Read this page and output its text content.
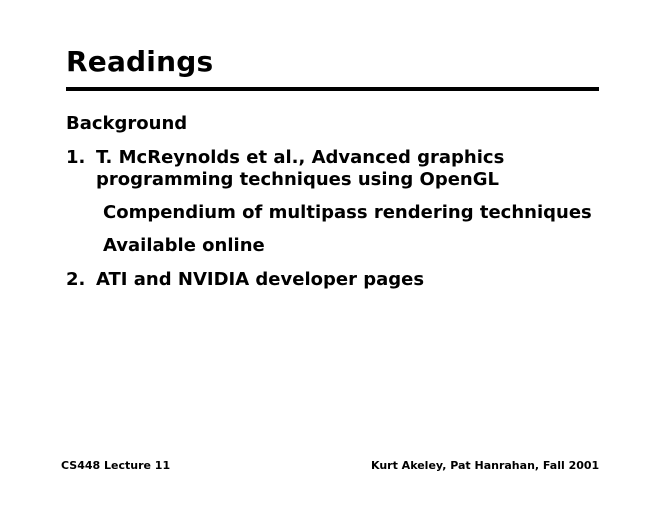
Readings
Background
1. T. McReynolds et al., Advanced graphics
programming techniques using OpenGL
Compendium of multipass rendering techniques
Available online
2. ATI and NVIDIA developer pages
CS448 Lecture 11	Kurt Akeley, Pat Hanrahan, Fall 2001
